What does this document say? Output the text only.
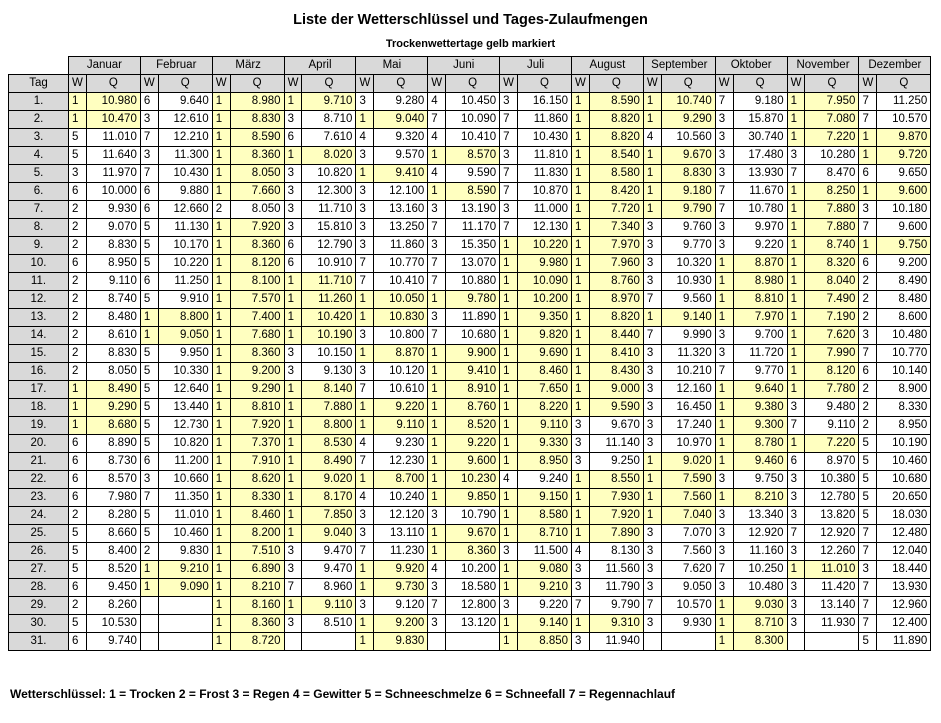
Liste der Wetterschlüssel und Tages-Zulaufmengen
Trockenwettertage gelb markiert
	Januar		Februar		März		April		Mai		Juni		Juli		August		September		Oktober		November		Dezember	
Tag	W	Q	W	Q	W	Q	W	Q	W	Q	W	Q	W	Q	W	Q	W	Q	W	Q	W	Q	W	Q
1.	1	10.980	6	9.640	1	8.980	1	9.710	3	9.280	4	10.450	3	16.150	1	8.590	1	10.740	7	9.180	1	7.950	7	11.250
2.	1	10.470	3	12.610	1	8.830	3	8.710	1	9.040	7	10.090	7	11.860	1	8.820	1	9.290	3	15.870	1	7.080	7	10.570
3.	5	11.010	7	12.210	1	8.590	6	7.610	4	9.320	4	10.410	7	10.430	1	8.820	4	10.560	3	30.740	1	7.220	1	9.870
4.	5	11.640	3	11.300	1	8.360	1	8.020	3	9.570	1	8.570	3	11.810	1	8.540	1	9.670	3	17.480	3	10.280	1	9.720
5.	3	11.970	7	10.430	1	8.050	3	10.820	1	9.410	4	9.590	7	11.830	1	8.580	1	8.830	3	13.930	7	8.470	6	9.650
6.	6	10.000	6	9.880	1	7.660	3	12.300	3	12.100	1	8.590	7	10.870	1	8.420	1	9.180	7	11.670	1	8.250	1	9.600
7.	2	9.930	6	12.660	2	8.050	3	11.710	3	13.160	3	13.190	3	11.000	1	7.720	1	9.790	7	10.780	1	7.880	3	10.180
8.	2	9.070	5	11.130	1	7.920	3	15.810	3	13.250	7	11.170	7	12.130	1	7.340	3	9.760	3	9.970	1	7.880	7	9.600
9.	2	8.830	5	10.170	1	8.360	6	12.790	3	11.860	3	15.350	1	10.220	1	7.970	3	9.770	3	9.220	1	8.740	1	9.750
10.	6	8.950	5	10.220	1	8.120	6	10.910	7	10.770	7	13.070	1	9.980	1	7.960	3	10.320	1	8.870	1	8.320	6	9.200
11.	2	9.110	6	11.250	1	8.100	1	11.710	7	10.410	7	10.880	1	10.090	1	8.760	3	10.930	1	8.980	1	8.040	2	8.490
12.	2	8.740	5	9.910	1	7.570	1	11.260	1	10.050	1	9.780	1	10.200	1	8.970	7	9.560	1	8.810	1	7.490	2	8.480
13.	2	8.480	1	8.800	1	7.400	1	10.420	1	10.830	3	11.890	1	9.350	1	8.820	1	9.140	1	7.970	1	7.190	2	8.600
14.	2	8.610	1	9.050	1	7.680	1	10.190	3	10.800	7	10.680	1	9.820	1	8.440	7	9.990	3	9.700	1	7.620	3	10.480
15.	2	8.830	5	9.950	1	8.360	3	10.150	1	8.870	1	9.900	1	9.690	1	8.410	3	11.320	3	11.720	1	7.990	7	10.770
16.	2	8.050	5	10.330	1	9.200	3	9.130	3	10.120	1	9.410	1	8.460	1	8.430	3	10.210	7	9.770	1	8.120	6	10.140
17.	1	8.490	5	12.640	1	9.290	1	8.140	7	10.610	1	8.910	1	7.650	1	9.000	3	12.160	1	9.640	1	7.780	2	8.900
18.	1	9.290	5	13.440	1	8.810	1	7.880	1	9.220	1	8.760	1	8.220	1	9.590	3	16.450	1	9.380	3	9.480	2	8.330
19.	1	8.680	5	12.730	1	7.920	1	8.800	1	9.110	1	8.520	1	9.110	3	9.670	3	17.240	1	9.300	7	9.110	2	8.950
20.	6	8.890	5	10.820	1	7.370	1	8.530	4	9.230	1	9.220	1	9.330	3	11.140	3	10.970	1	8.780	1	7.220	5	10.190
21.	6	8.730	6	11.200	1	7.910	1	8.490	7	12.230	1	9.600	1	8.950	3	9.250	1	9.020	1	9.460	6	8.970	5	10.460
22.	6	8.570	3	10.660	1	8.620	1	9.020	1	8.700	1	10.230	4	9.240	1	8.550	1	7.590	3	9.750	3	10.380	5	10.680
23.	6	7.980	7	11.350	1	8.330	1	8.170	4	10.240	1	9.850	1	9.150	1	7.930	1	7.560	1	8.210	3	12.780	5	20.650
24.	2	8.280	5	11.010	1	8.460	1	7.850	3	12.120	3	10.790	1	8.580	1	7.920	1	7.040	3	13.340	3	13.820	5	18.030
25.	5	8.660	5	10.460	1	8.200	1	9.040	3	13.110	1	9.670	1	8.710	1	7.890	3	7.070	3	12.920	7	12.920	7	12.480
26.	5	8.400	2	9.830	1	7.510	3	9.470	7	11.230	1	8.360	3	11.500	4	8.130	3	7.560	3	11.160	3	12.260	7	12.040
27.	5	8.520	1	9.210	1	6.890	3	9.470	1	9.920	4	10.200	1	9.080	3	11.560	3	7.620	7	10.250	1	11.010	3	18.440
28.	6	9.450	1	9.090	1	8.210	7	8.960	1	9.730	3	18.580	1	9.210	3	11.790	3	9.050	3	10.480	3	11.420	7	13.930
29.	2	8.260			1	8.160	1	9.110	3	9.120	7	12.800	3	9.220	7	9.790	7	10.570	1	9.030	3	13.140	7	12.960
30.	5	10.530			1	8.360	3	8.510	1	9.200	3	13.120	1	9.140	1	9.310	3	9.930	1	8.710	3	11.930	7	12.400
31.	6	9.740			1	8.720			1	9.830			1	8.850	3	11.940			1	8.300			5	11.890
Wetterschlüssel: 1 = Trocken 2 = Frost 3 = Regen 4 = Gewitter 5 = Schneeschmelze 6 = Schneefall 7 = Regennachlauf
